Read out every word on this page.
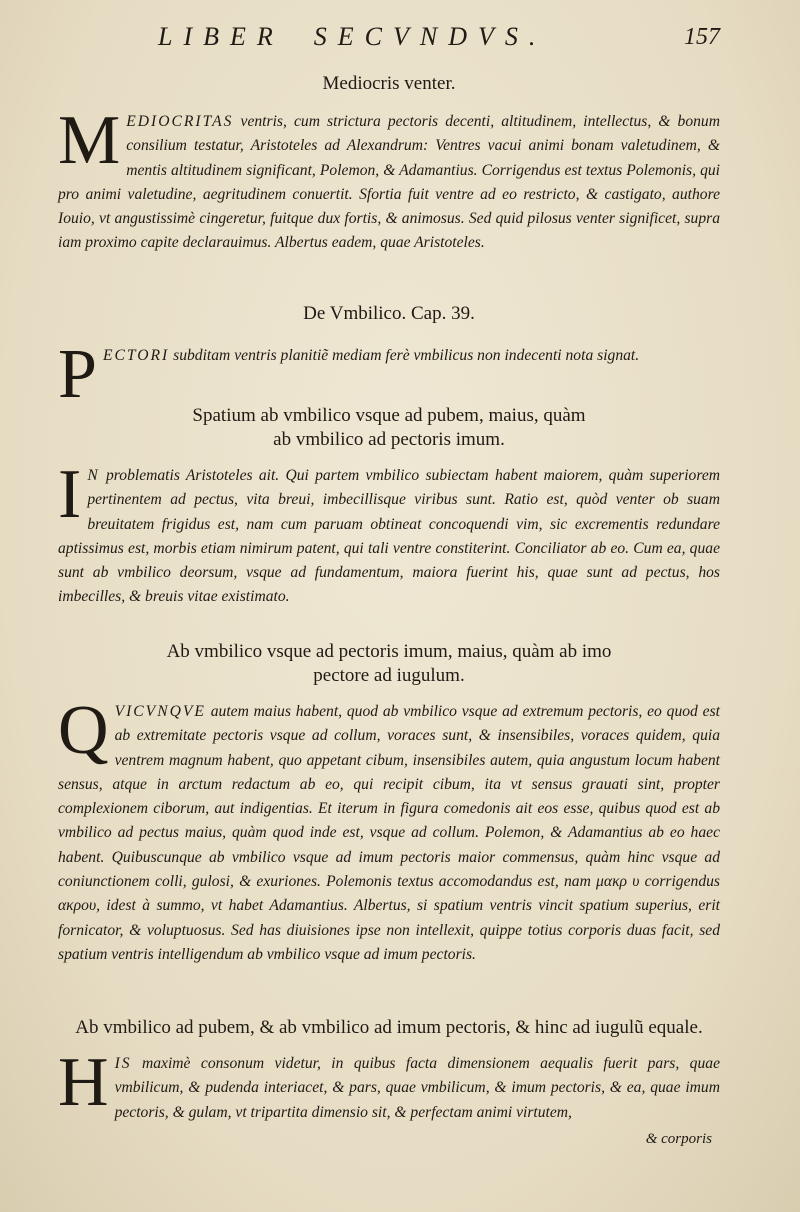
LIBER SECVNDVS.	157
Mediocris venter.
M EDIOCRITAS ventris, cum strictura pectoris decenti, altitudinem, intellectus, & bonum consilium testatur, Aristoteles ad Alexandrum: Ventres vacui animi bonam valetudinem, & mentis altitudinem significant, Polemon, & Adamantius. Corrigendus est textus Polemonis, qui pro animi valetudine, aegritudinem conuertit. Sfortia fuit ventre ad eo restricto, & castigato, authore Iouio, vt angustissimè cingeretur, fuitque dux fortis, & animosus. Sed quid pilosus venter significet, supra iam proximo capite declarauimus. Albertus eadem, quae Aristoteles.
De Vmbilico. Cap. 39.
P ECTORI subditam ventris planitiẽ mediam ferè vmbilicus non indecenti nota signat.
Spatium ab vmbilico vsque ad pubem, maius, quàm
ab vmbilico ad pectoris imum.
I N problematis Aristoteles ait. Qui partem vmbilico subiectam habent maiorem, quàm superiorem pertinentem ad pectus, vita breui, imbecillisque viribus sunt. Ratio est, quòd venter ob suam breuitatem frigidus est, nam cum paruam obtineat concoquendi vim, sic excrementis redundare aptissimus est, morbis etiam nimirum patent, qui tali ventre constiterint. Conciliator ab eo. Cum ea, quae sunt ab vmbilico deorsum, vsque ad fundamentum, maiora fuerint his, quae sunt ad pectus, hos imbecilles, & breuis vitae existimato.
Ab vmbilico vsque ad pectoris imum, maius, quàm ab imo
pectore ad iugulum.
Q VICVNQVE autem maius habent, quod ab vmbilico vsque ad extremum pectoris, eo quod est ab extremitate pectoris vsque ad collum, voraces sunt, & insensibiles, voraces quidem, quia ventrem magnum habent, quo appetant cibum, insensibiles autem, quia angustum locum habent sensus, atque in arctum redactum ab eo, qui recipit cibum, ita vt sensus grauati sint, propter complexionem ciborum, aut indigentias. Et iterum in figura comedonis ait eos esse, quibus quod est ab vmbilico ad pectus maius, quàm quod inde est, vsque ad collum. Polemon, & Adamantius ab eo haec habent. Quibuscunque ab vmbilico vsque ad imum pectoris maior commensus, quàm hinc vsque ad coniunctionem colli, gulosi, & exuriones. Polemonis textus accomodandus est, nam μακρ υ corrigendus ακρου, idest à summo, vt habet Adamantius. Albertus, si spatium ventris vincit spatium superius, erit fornicator, & voluptuosus. Sed has diuisiones ipse non intellexit, quippe totius corporis duas facit, sed spatium ventris intelligendum ab vmbilico vsque ad imum pectoris.
Ab vmbilico ad pubem, & ab vmbilico ad imum pectoris, & hinc ad iugulũ equale.
H IS maximè consonum videtur, in quibus facta dimensionem aequalis fuerit pars, quae vmbilicum, & pudenda interiacet, & pars, quae vmbilicum, & imum pectoris, & ea, quae imum pectoris, & gulam, vt tripartita dimensio sit, & perfectam animi virtutem,
& corporis
